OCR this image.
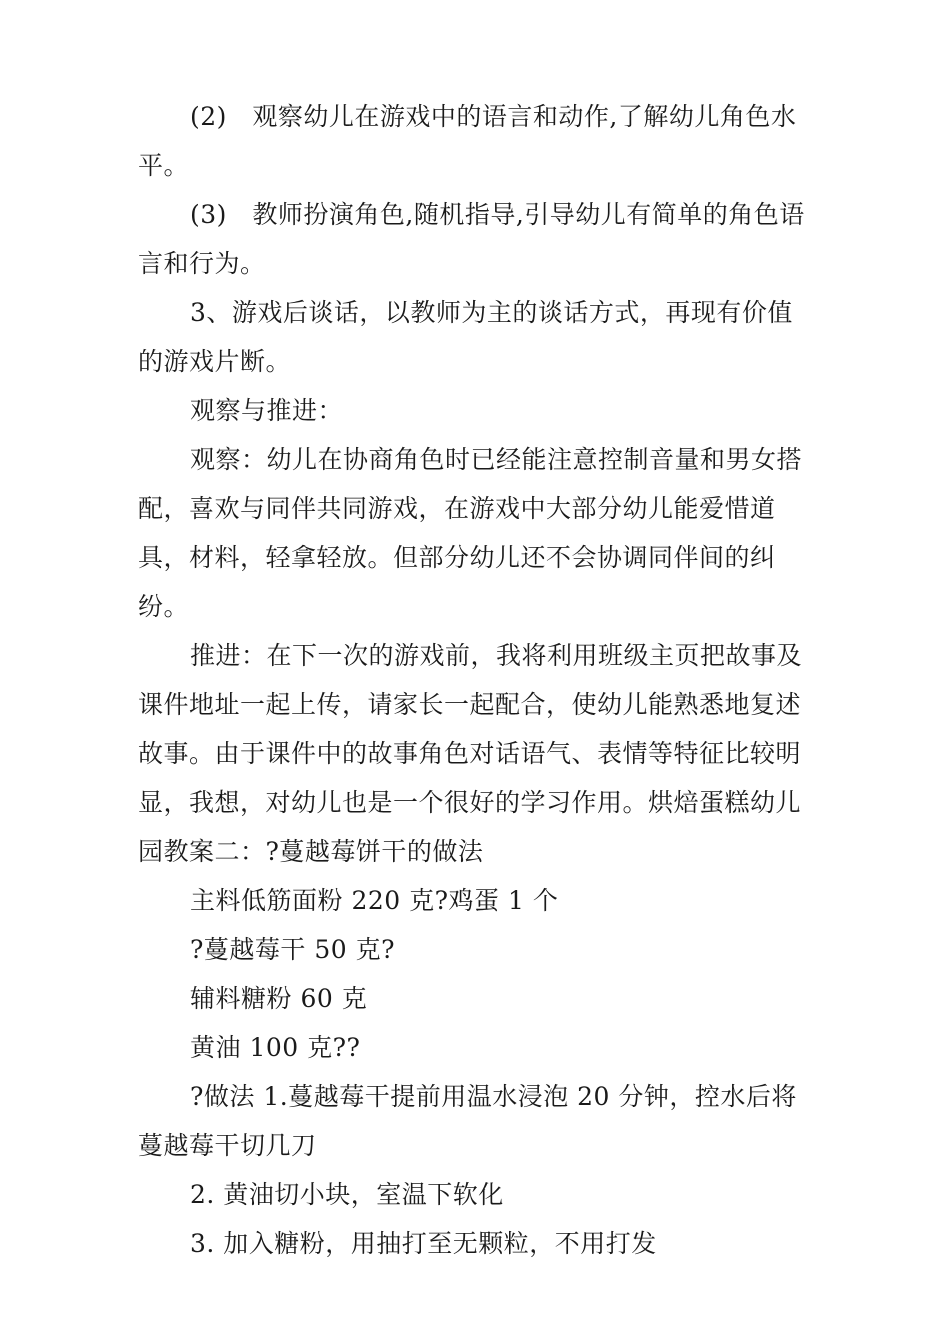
(2)　观察幼儿在游戏中的语言和动作,了解幼儿角色水平。

(3)　教师扮演角色,随机指导,引导幼儿有简单的角色语言和行为。

3、游戏后谈话，以教师为主的谈话方式，再现有价值的游戏片断。

观察与推进：

观察：幼儿在协商角色时已经能注意控制音量和男女搭配，喜欢与同伴共同游戏，在游戏中大部分幼儿能爱惜道具，材料，轻拿轻放。但部分幼儿还不会协调同伴间的纠纷。

推进：在下一次的游戏前，我将利用班级主页把故事及课件地址一起上传，请家长一起配合，使幼儿能熟悉地复述故事。由于课件中的故事角色对话语气、表情等特征比较明显，我想，对幼儿也是一个很好的学习作用。烘焙蛋糕幼儿园教案二：?蔓越莓饼干的做法

主料低筋面粉 220 克?鸡蛋 1 个

?蔓越莓干 50 克?

辅料糖粉 60 克

黄油 100 克??

?做法 1.蔓越莓干提前用温水浸泡 20 分钟，控水后将蔓越莓干切几刀

2. 黄油切小块，室温下软化

3. 加入糖粉，用抽打至无颗粒，不用打发
